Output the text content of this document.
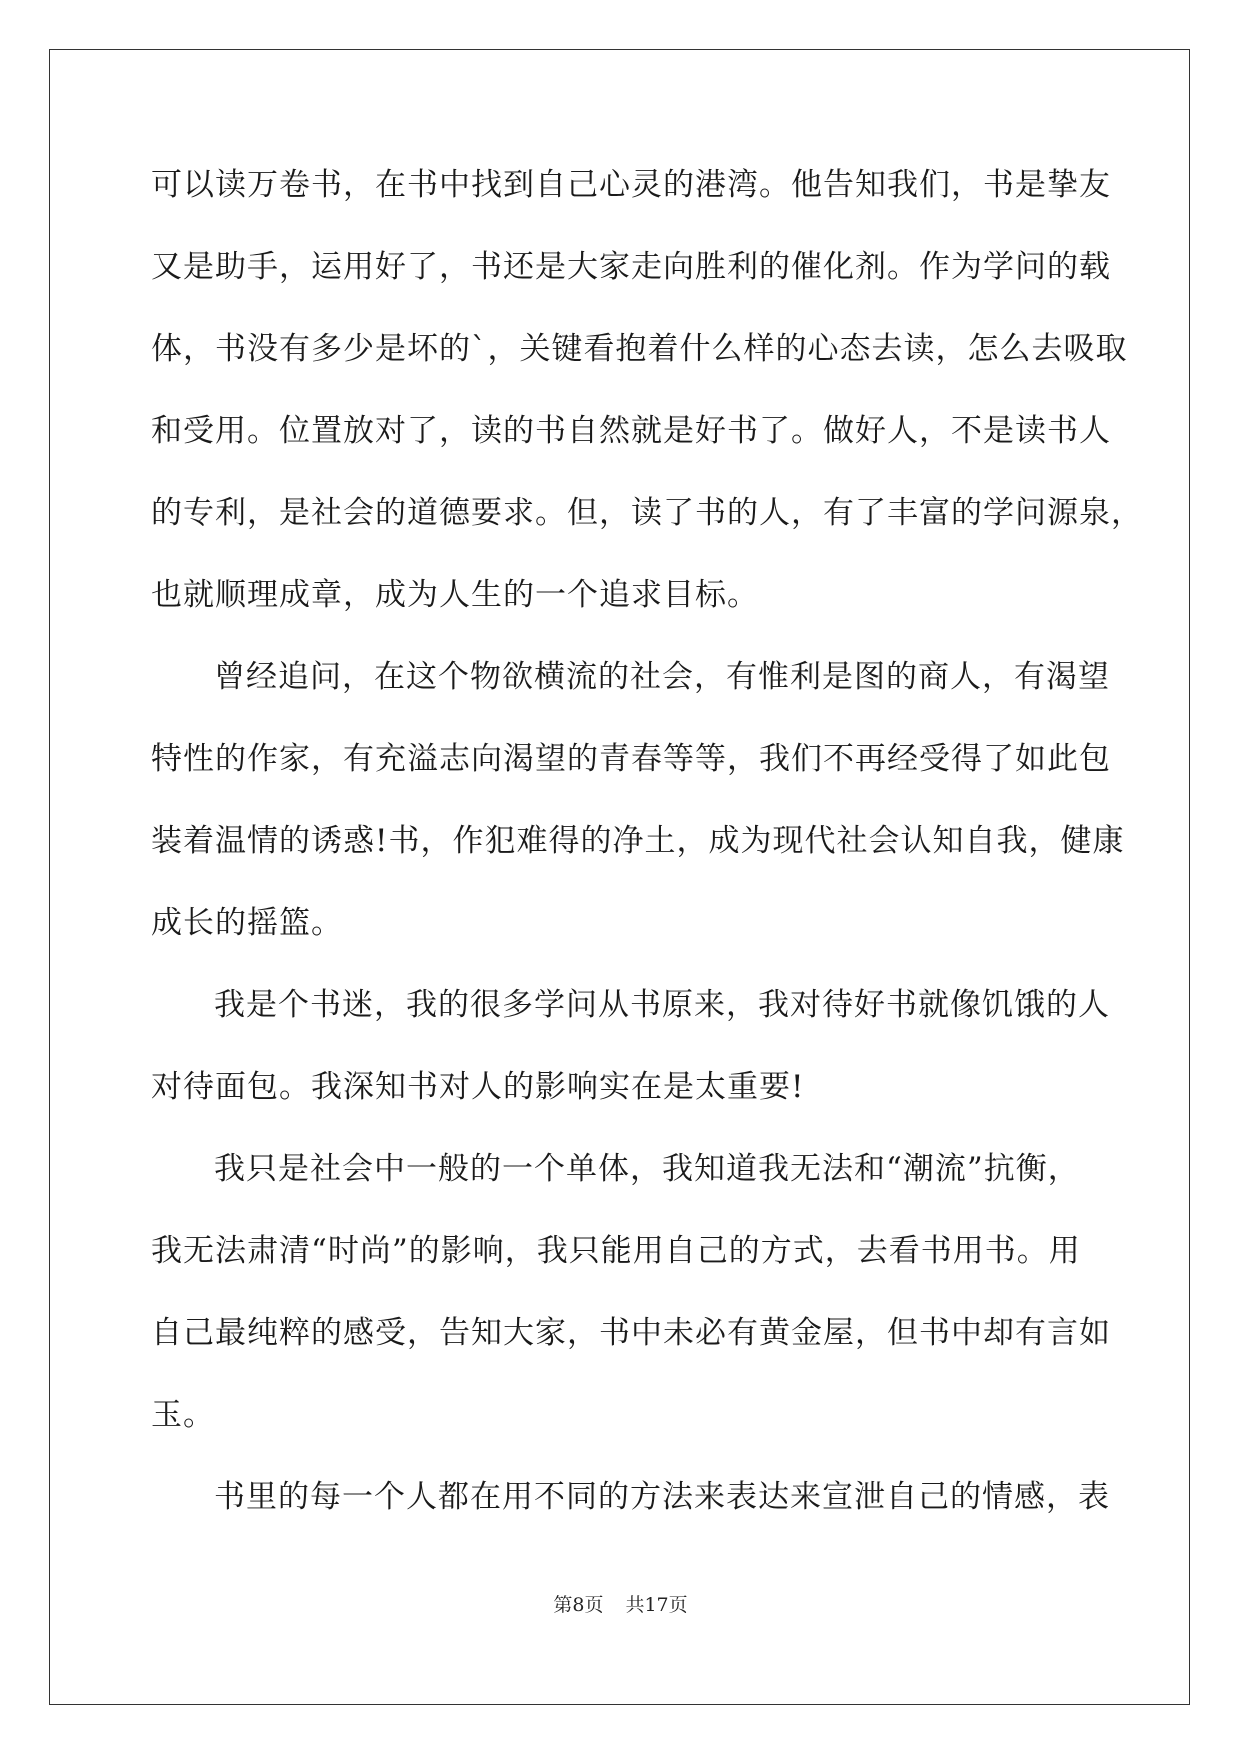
可以读万卷书，在书中找到自己心灵的港湾。他告知我们，书是挚友
又是助手，运用好了，书还是大家走向胜利的催化剂。作为学问的载
体，书没有多少是坏的`，关键看抱着什么样的心态去读，怎么去吸取
和受用。位置放对了，读的书自然就是好书了。做好人，不是读书人
的专利，是社会的道德要求。但，读了书的人，有了丰富的学问源泉，
也就顺理成章，成为人生的一个追求目标。
曾经追问，在这个物欲横流的社会，有惟利是图的商人，有渴望
特性的作家，有充溢志向渴望的青春等等，我们不再经受得了如此包
装着温情的诱惑!书，作犯难得的净土，成为现代社会认知自我，健康
成长的摇篮。
我是个书迷，我的很多学问从书原来，我对待好书就像饥饿的人
对待面包。我深知书对人的影响实在是太重要!
我只是社会中一般的一个单体，我知道我无法和“潮流”抗衡，
我无法肃清“时尚”的影响，我只能用自己的方式，去看书用书。用
自己最纯粹的感受，告知大家，书中未必有黄金屋，但书中却有言如
玉。
书里的每一个人都在用不同的方法来表达来宣泄自己的情感，表
第8页 共17页
